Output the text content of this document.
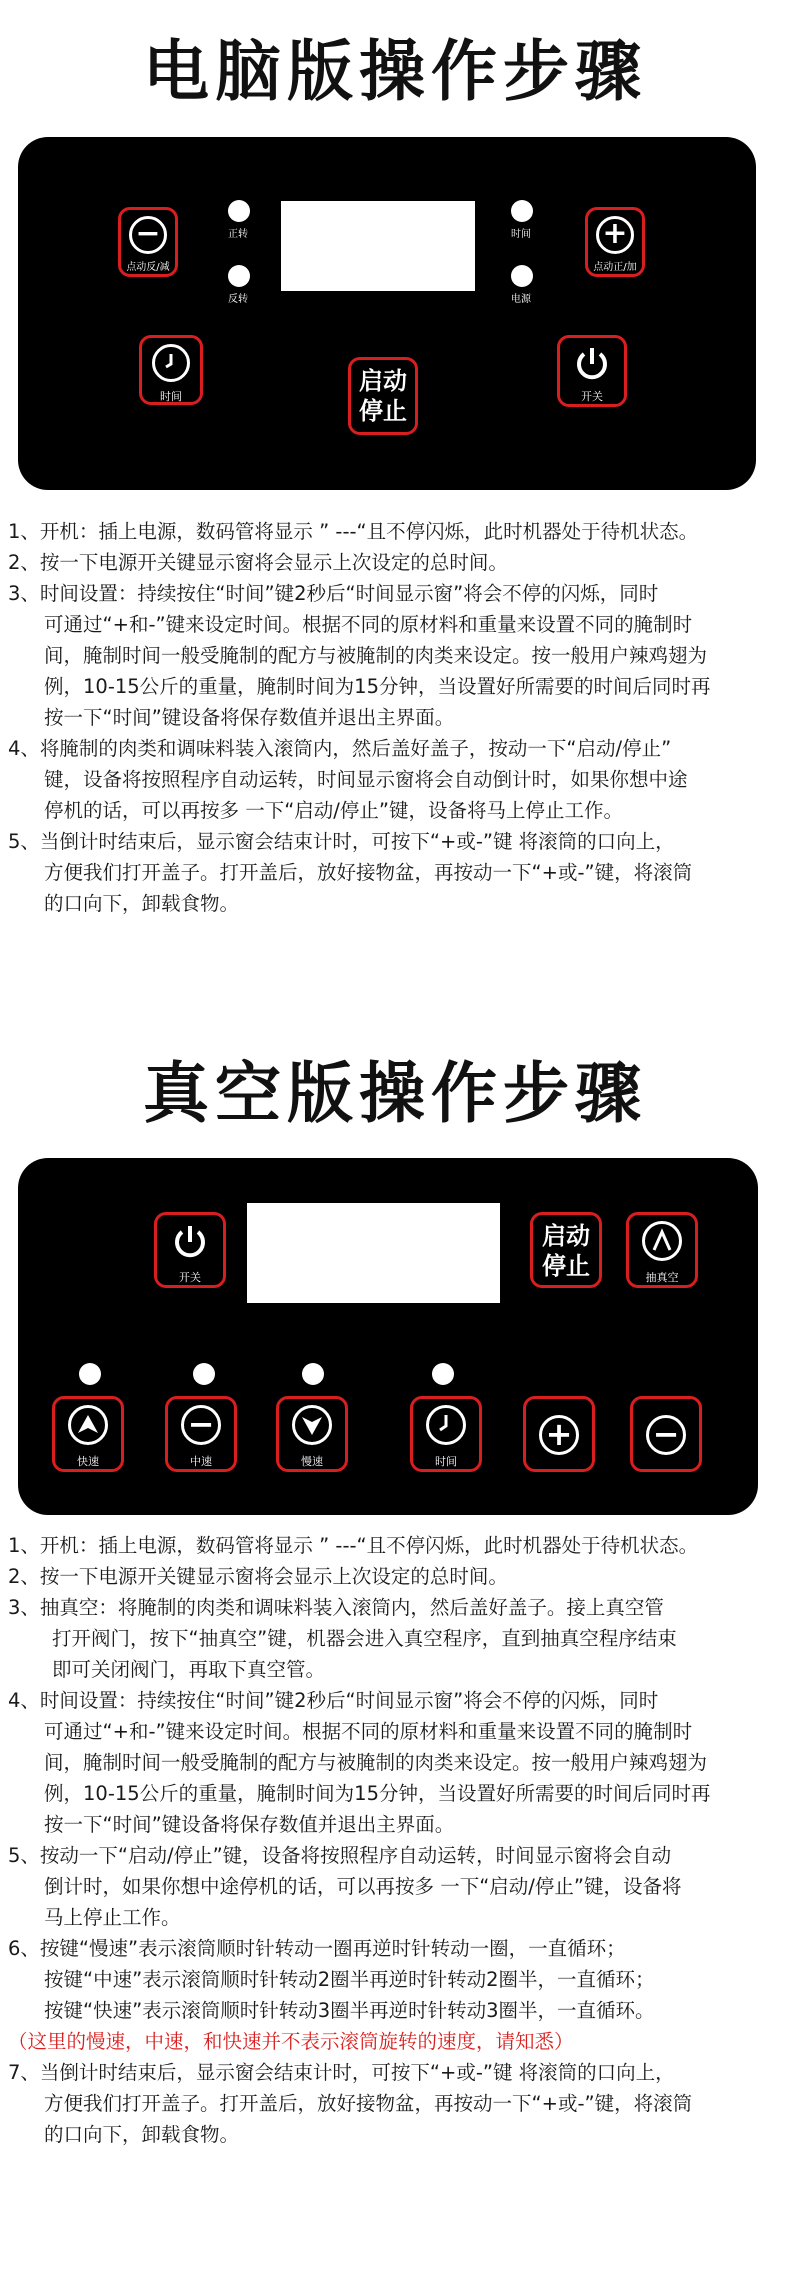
电脑版操作步骤
−
点动反/减
+
点动正/加
正转
反转
时间
电源
时间
启动
停止
开关

1、开机：插上电源，数码管将显示 ” ---“且不停闪烁，此时机器处于待机状态。

2、按一下电源开关键显示窗将会显示上次设定的总时间。

3、时间设置：持续按住“时间”键2秒后“时间显示窗”将会不停的闪烁，同时

可通过“+和-”键来设定时间。根据不同的原材料和重量来设置不同的腌制时

间，腌制时间一般受腌制的配方与被腌制的肉类来设定。按一般用户辣鸡翅为

例，10-15公斤的重量，腌制时间为15分钟，当设置好所需要的时间后同时再

按一下“时间”键设备将保存数值并退出主界面。

4、将腌制的肉类和调味料装入滚筒内，然后盖好盖子，按动一下“启动/停止”

键，设备将按照程序自动运转，时间显示窗将会自动倒计时，如果你想中途

停机的话，可以再按多 一下“启动/停止”键，设备将马上停止工作。

5、当倒计时结束后，显示窗会结束计时，可按下“+或-”键 将滚筒的口向上，

方便我们打开盖子。打开盖后，放好接物盆，再按动一下“+或-”键，将滚筒

的口向下，卸载食物。

真空版操作步骤
开关
启动
停止	抽真空
快速
−
中速	慢速	时间
+	−

1、开机：插上电源，数码管将显示 ” ---“且不停闪烁，此时机器处于待机状态。

2、按一下电源开关键显示窗将会显示上次设定的总时间。

3、抽真空：将腌制的肉类和调味料装入滚筒内，然后盖好盖子。接上真空管

打开阀门，按下“抽真空”键，机器会进入真空程序，直到抽真空程序结束

即可关闭阀门，再取下真空管。

4、时间设置：持续按住“时间”键2秒后“时间显示窗”将会不停的闪烁，同时

可通过“+和-”键来设定时间。根据不同的原材料和重量来设置不同的腌制时

间，腌制时间一般受腌制的配方与被腌制的肉类来设定。按一般用户辣鸡翅为

例，10-15公斤的重量，腌制时间为15分钟，当设置好所需要的时间后同时再

按一下“时间”键设备将保存数值并退出主界面。

5、按动一下“启动/停止”键，设备将按照程序自动运转，时间显示窗将会自动

倒计时，如果你想中途停机的话，可以再按多 一下“启动/停止”键，设备将

马上停止工作。

6、按键“慢速”表示滚筒顺时针转动一圈再逆时针转动一圈，一直循环；

按键“中速”表示滚筒顺时针转动2圈半再逆时针转动2圈半，一直循环；

按键“快速”表示滚筒顺时针转动3圈半再逆时针转动3圈半，一直循环。

（这里的慢速，中速，和快速并不表示滚筒旋转的速度，请知悉）

7、当倒计时结束后，显示窗会结束计时，可按下“+或-”键 将滚筒的口向上，

方便我们打开盖子。打开盖后，放好接物盆，再按动一下“+或-”键，将滚筒

的口向下，卸载食物。
